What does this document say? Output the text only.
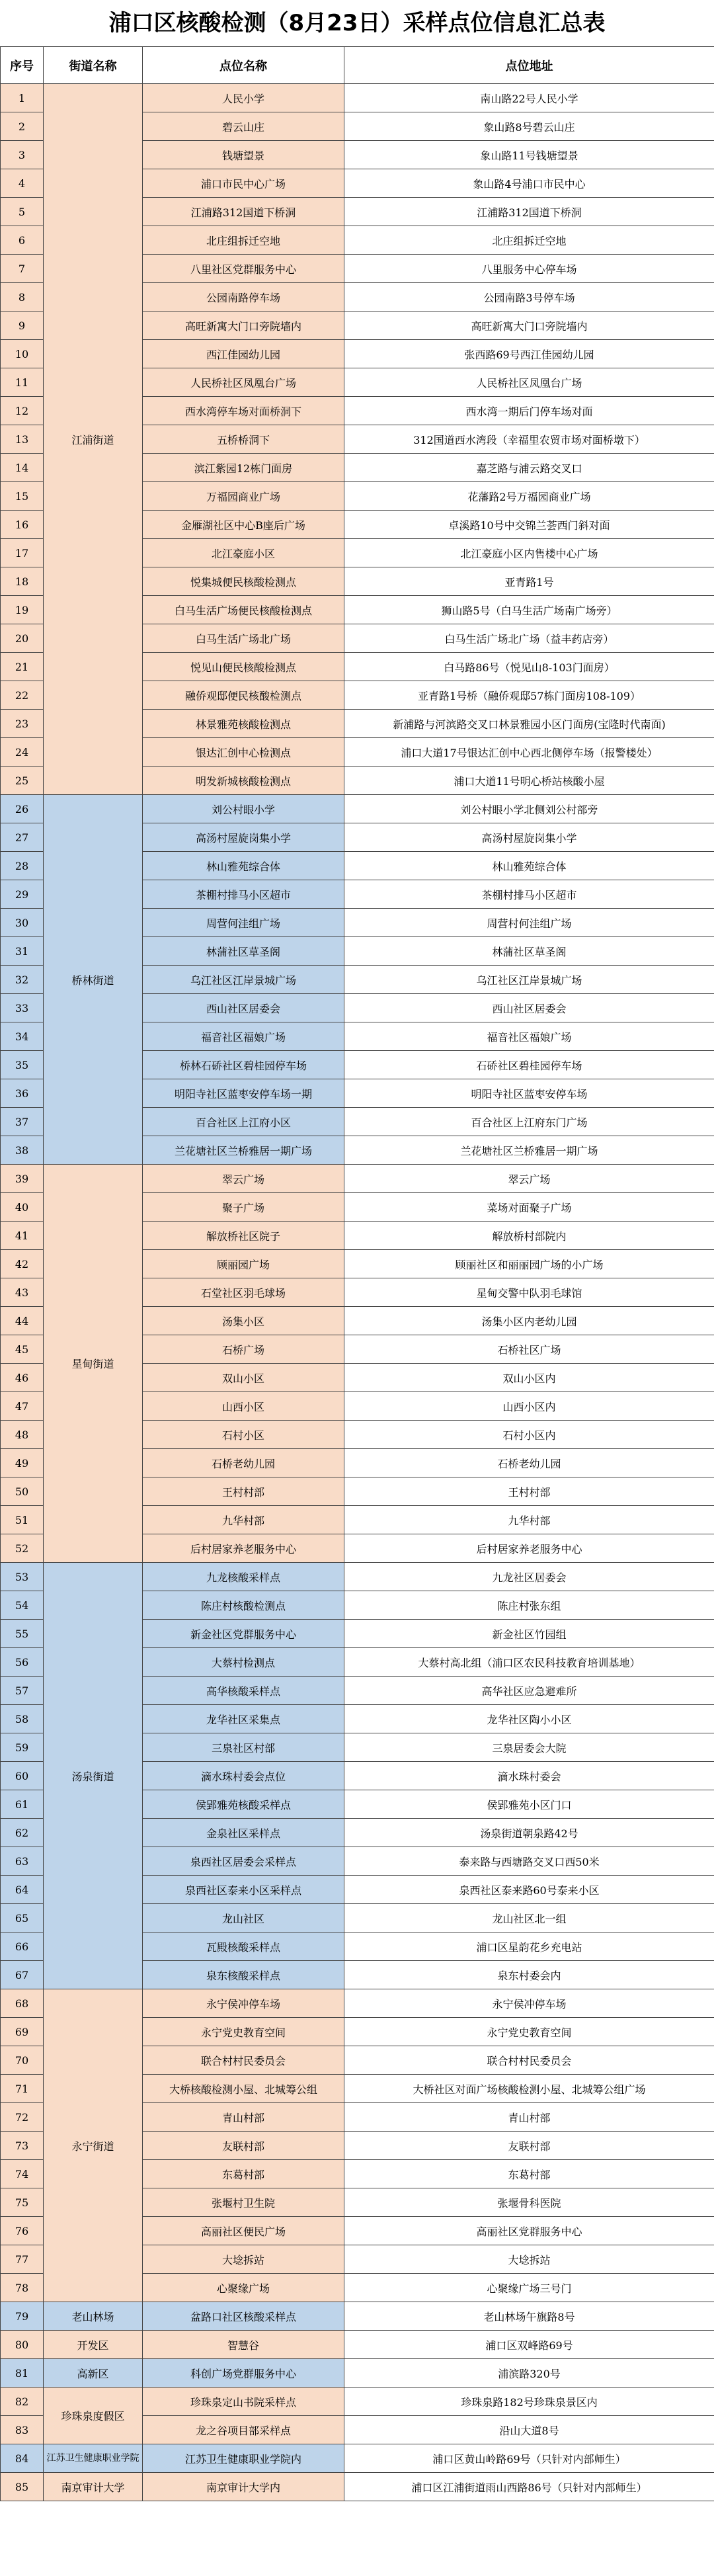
浦口区核酸检测（8月23日）采样点位信息汇总表
序号	街道名称	点位名称	点位地址
1	江浦街道	人民小学	南山路22号人民小学
2		碧云山庄	象山路8号碧云山庄
3		钱塘望景	象山路11号钱塘望景
4		浦口市民中心广场	象山路4号浦口市民中心
5		江浦路312国道下桥洞	江浦路312国道下桥洞
6		北庄组拆迁空地	北庄组拆迁空地
7		八里社区党群服务中心	八里服务中心停车场
8		公园南路停车场	公园南路3号停车场
9		高旺新寓大门口旁院墙内	高旺新寓大门口旁院墙内
10		西江佳园幼儿园	张西路69号西江佳园幼儿园
11		人民桥社区凤凰台广场	人民桥社区凤凰台广场
12		西水湾停车场对面桥洞下	西水湾一期后门停车场对面
13		五桥桥洞下	312国道西水湾段（幸福里农贸市场对面桥墩下）
14		滨江紫园12栋门面房	嘉芝路与浦云路交叉口
15		万福园商业广场	花藩路2号万福园商业广场
16		金雁湖社区中心B座后广场	卓溪路10号中交锦兰荟西门斜对面
17		北江豪庭小区	北江豪庭小区内售楼中心广场
18		悦集城便民核酸检测点	亚青路1号
19		白马生活广场便民核酸检测点	狮山路5号（白马生活广场南广场旁）
20		白马生活广场北广场	白马生活广场北广场（益丰药店旁）
21		悦见山便民核酸检测点	白马路86号（悦见山8-103门面房）
22		融侨观邸便民核酸检测点	亚青路1号桥（融侨观邸57栋门面房108-109）
23		林景雅苑核酸检测点	新浦路与河滨路交叉口林景雅园小区门面房(宝隆时代南面)
24		银达汇创中心检测点	浦口大道17号银达汇创中心西北侧停车场（报警楼处）
25		明发新城核酸检测点	浦口大道11号明心桥站核酸小屋
26	桥林街道	刘公村眼小学	刘公村眼小学北侧刘公村部旁
27		高汤村屋旋岗集小学	高汤村屋旋岗集小学
28		林山雅苑综合体	林山雅苑综合体
29		茶棚村排马小区超市	茶棚村排马小区超市
30		周营何洼组广场	周营村何洼组广场
31		林蒲社区草圣阁	林蒲社区草圣阁
32		乌江社区江岸景城广场	乌江社区江岸景城广场
33		西山社区居委会	西山社区居委会
34		福音社区福娘广场	福音社区福娘广场
35		桥林石硚社区碧桂园停车场	石硚社区碧桂园停车场
36		明阳寺社区蓝枣安停车场一期	明阳寺社区蓝枣安停车场
37		百合社区上江府小区	百合社区上江府东门广场
38		兰花塘社区兰桥雅居一期广场	兰花塘社区兰桥雅居一期广场
39	星甸街道	翠云广场	翠云广场
40		聚子广场	菜场对面聚子广场
41		解放桥社区院子	解放桥村部院内
42		顾丽园广场	顾丽社区和丽丽园广场的小广场
43		石堂社区羽毛球场	星甸交警中队羽毛球馆
44		汤集小区	汤集小区内老幼儿园
45		石桥广场	石桥社区广场
46		双山小区	双山小区内
47		山西小区	山西小区内
48		石村小区	石村小区内
49		石桥老幼儿园	石桥老幼儿园
50		王村村部	王村村部
51		九华村部	九华村部
52		后村居家养老服务中心	后村居家养老服务中心
53	汤泉街道	九龙核酸采样点	九龙社区居委会
54		陈庄村核酸检测点	陈庄村张东组
55		新金社区党群服务中心	新金社区竹园组
56		大蔡村检测点	大蔡村高北组（浦口区农民科技教育培训基地）
57		高华核酸采样点	高华社区应急避难所
58		龙华社区采集点	龙华社区陶小小区
59		三泉社区村部	三泉居委会大院
60		滴水珠村委会点位	滴水珠村委会
61		侯郢雅苑核酸采样点	侯郢雅苑小区门口
62		金泉社区采样点	汤泉街道朝泉路42号
63		泉西社区居委会采样点	泰来路与西塘路交叉口西50米
64		泉西社区泰来小区采样点	泉西社区泰来路60号泰来小区
65		龙山社区	龙山社区北一组
66		瓦殿核酸采样点	浦口区星韵花乡充电站
67		泉东核酸采样点	泉东村委会内
68	永宁街道	永宁侯冲停车场	永宁侯冲停车场
69		永宁党史教育空间	永宁党史教育空间
70		联合村村民委员会	联合村村民委员会
71		大桥核酸检测小屋、北城筹公组	大桥社区对面广场核酸检测小屋、北城筹公组广场
72		青山村部	青山村部
73		友联村部	友联村部
74		东葛村部	东葛村部
75		张堰村卫生院	张堰骨科医院
76		高丽社区便民广场	高丽社区党群服务中心
77		大埝拆站	大埝拆站
78		心聚缘广场	心聚缘广场三号门
79	老山林场	盆路口社区核酸采样点	老山林场午旗路8号
80	开发区	智慧谷	浦口区双峰路69号
81	高新区	科创广场党群服务中心	浦滨路320号
82	珍珠泉度假区	珍珠泉定山书院采样点	珍珠泉路182号珍珠泉景区内
83		龙之谷项目部采样点	沿山大道8号
84	江苏卫生健康职业学院	江苏卫生健康职业学院内	浦口区黄山岭路69号（只针对内部师生）
85	南京审计大学	南京审计大学内	浦口区江浦街道雨山西路86号（只针对内部师生）
